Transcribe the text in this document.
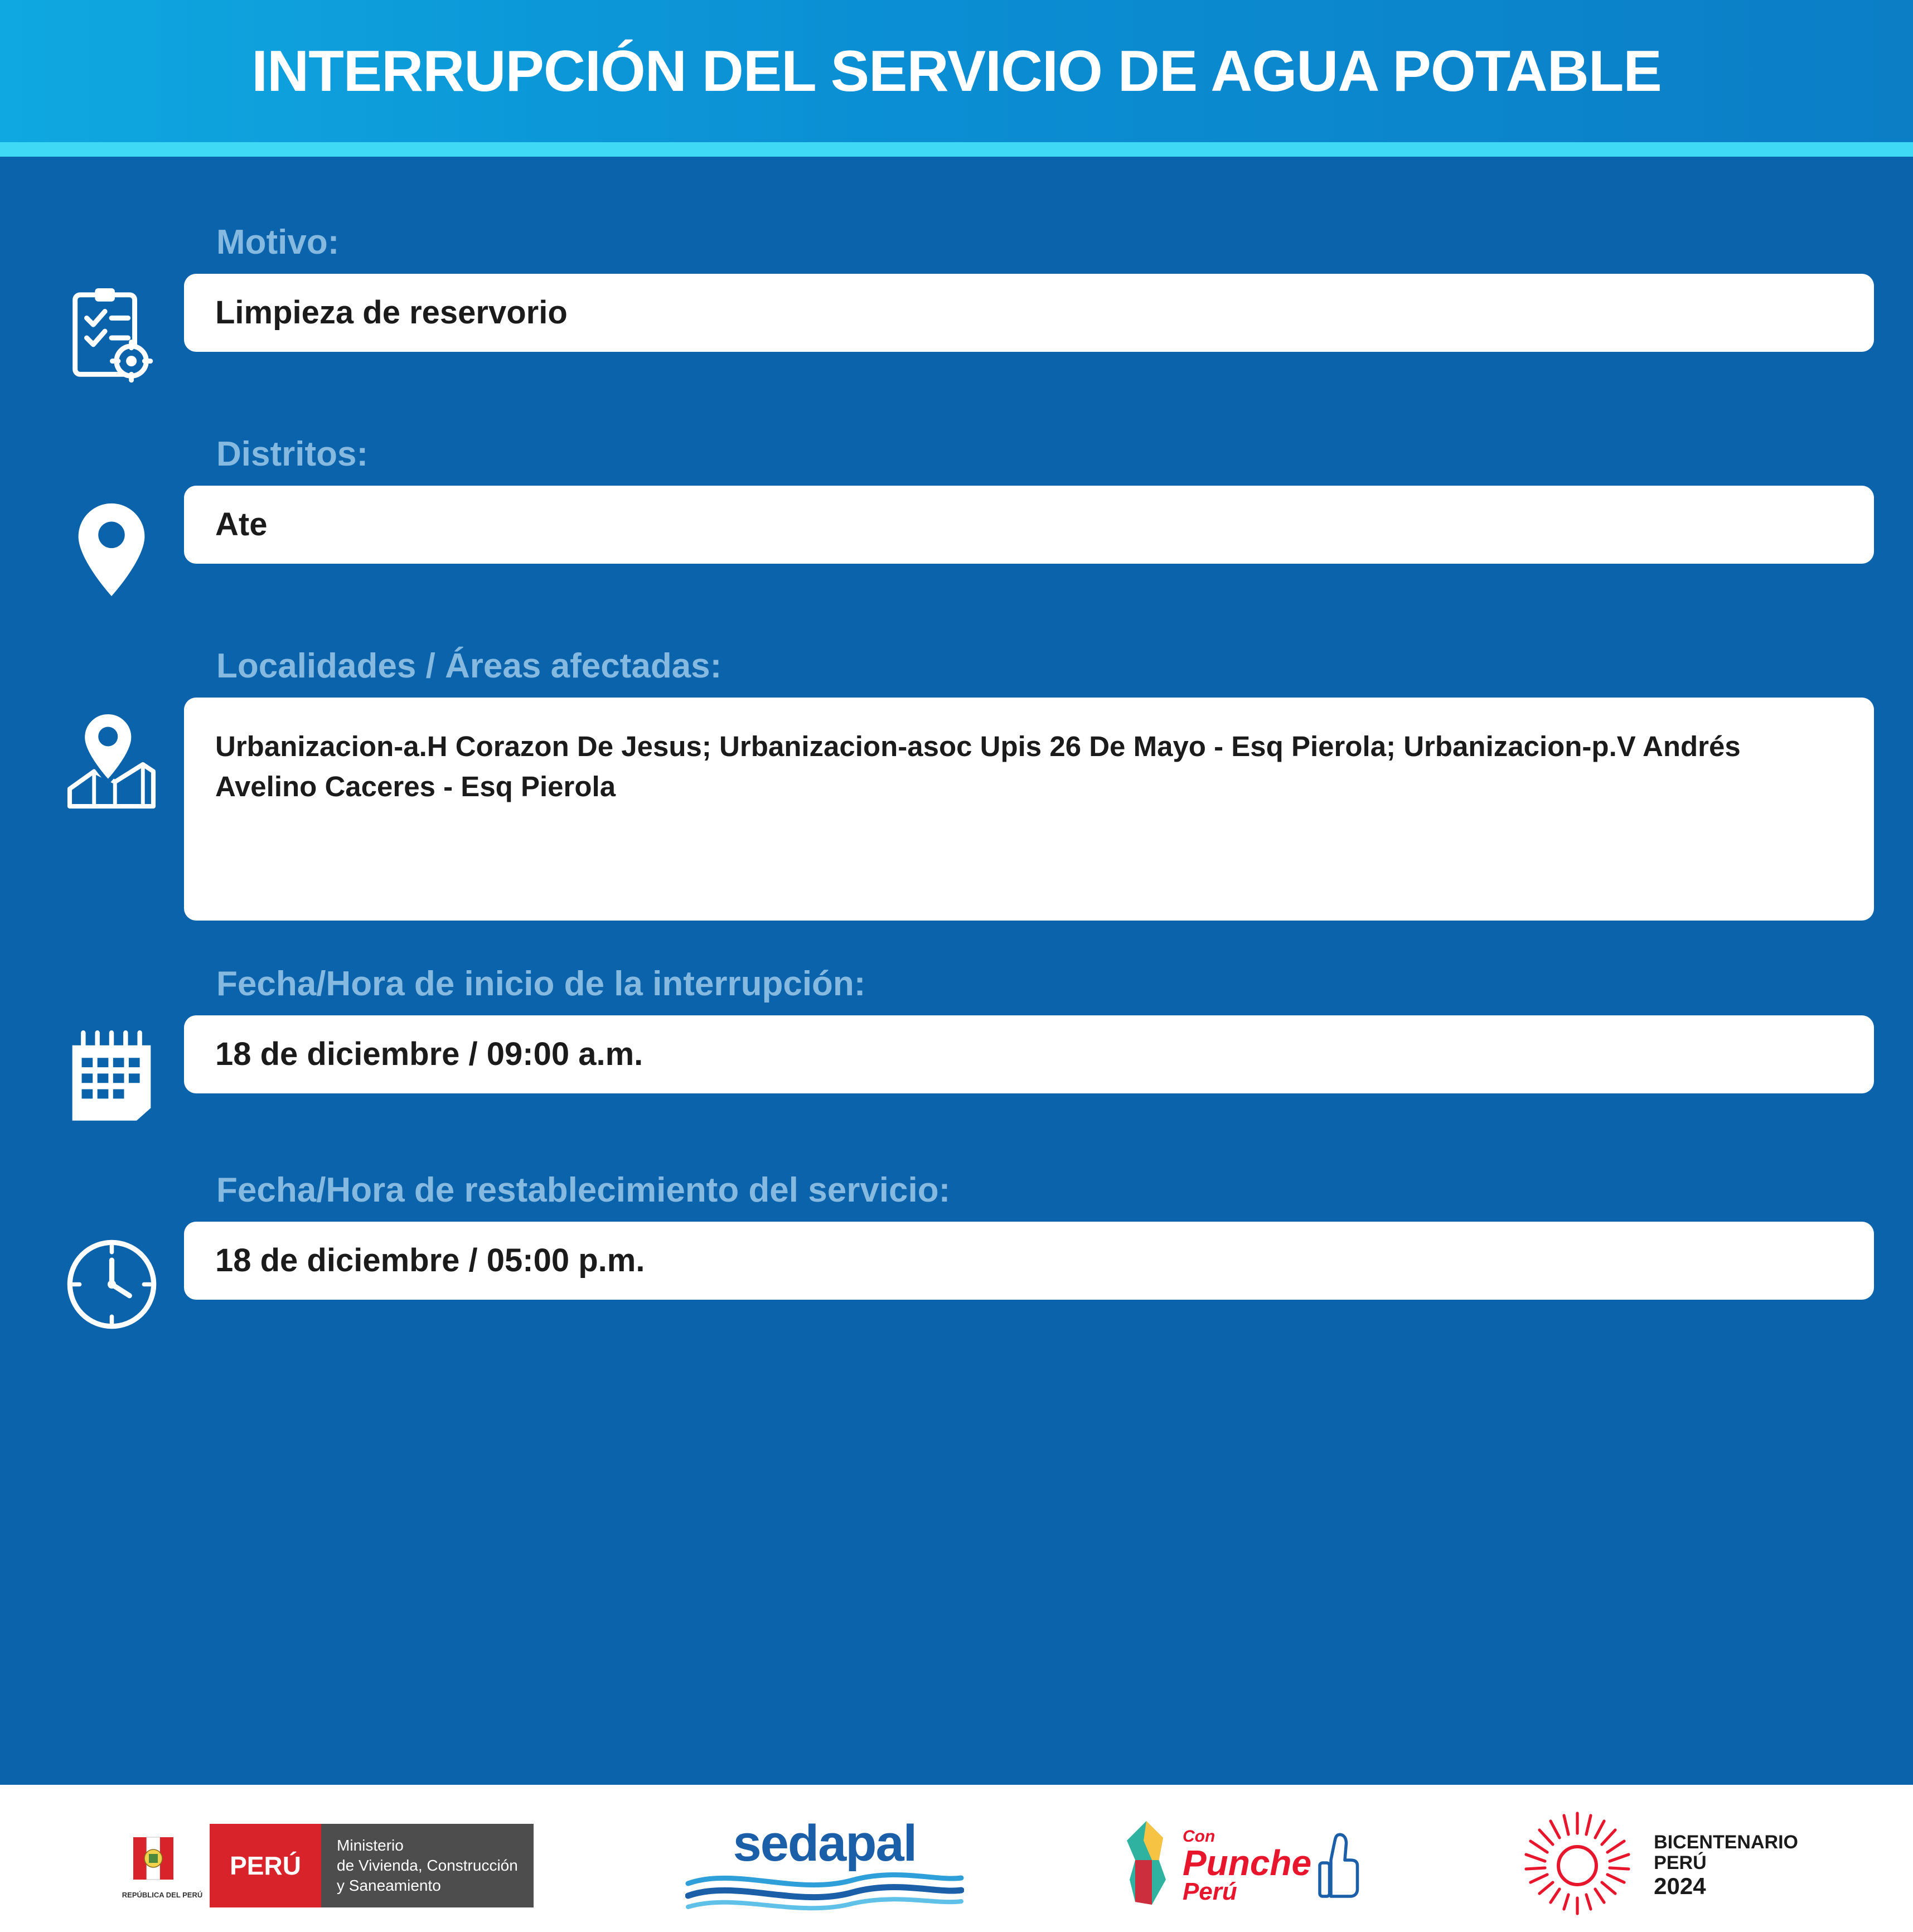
INTERRUPCIÓN DEL SERVICIO DE AGUA POTABLE
Motivo:
Limpieza de reservorio
Distritos:
Ate
Localidades / Áreas afectadas:
Urbanizacion-a.H Corazon De Jesus; Urbanizacion-asoc Upis 26 De Mayo - Esq Pierola; Urbanizacion-p.V Andrés Avelino Caceres - Esq Pierola
Fecha/Hora de inicio de la interrupción:
18 de diciembre / 09:00 a.m.
Fecha/Hora de restablecimiento del servicio:
18 de diciembre / 05:00 p.m.
REPÚBLICA DEL PERÚ
PERÚ
Ministerio
de Vivienda, Construcción
y Saneamiento
sedapal	Con
Punche
Perú
BICENTENARIO
PERÚ
2024
